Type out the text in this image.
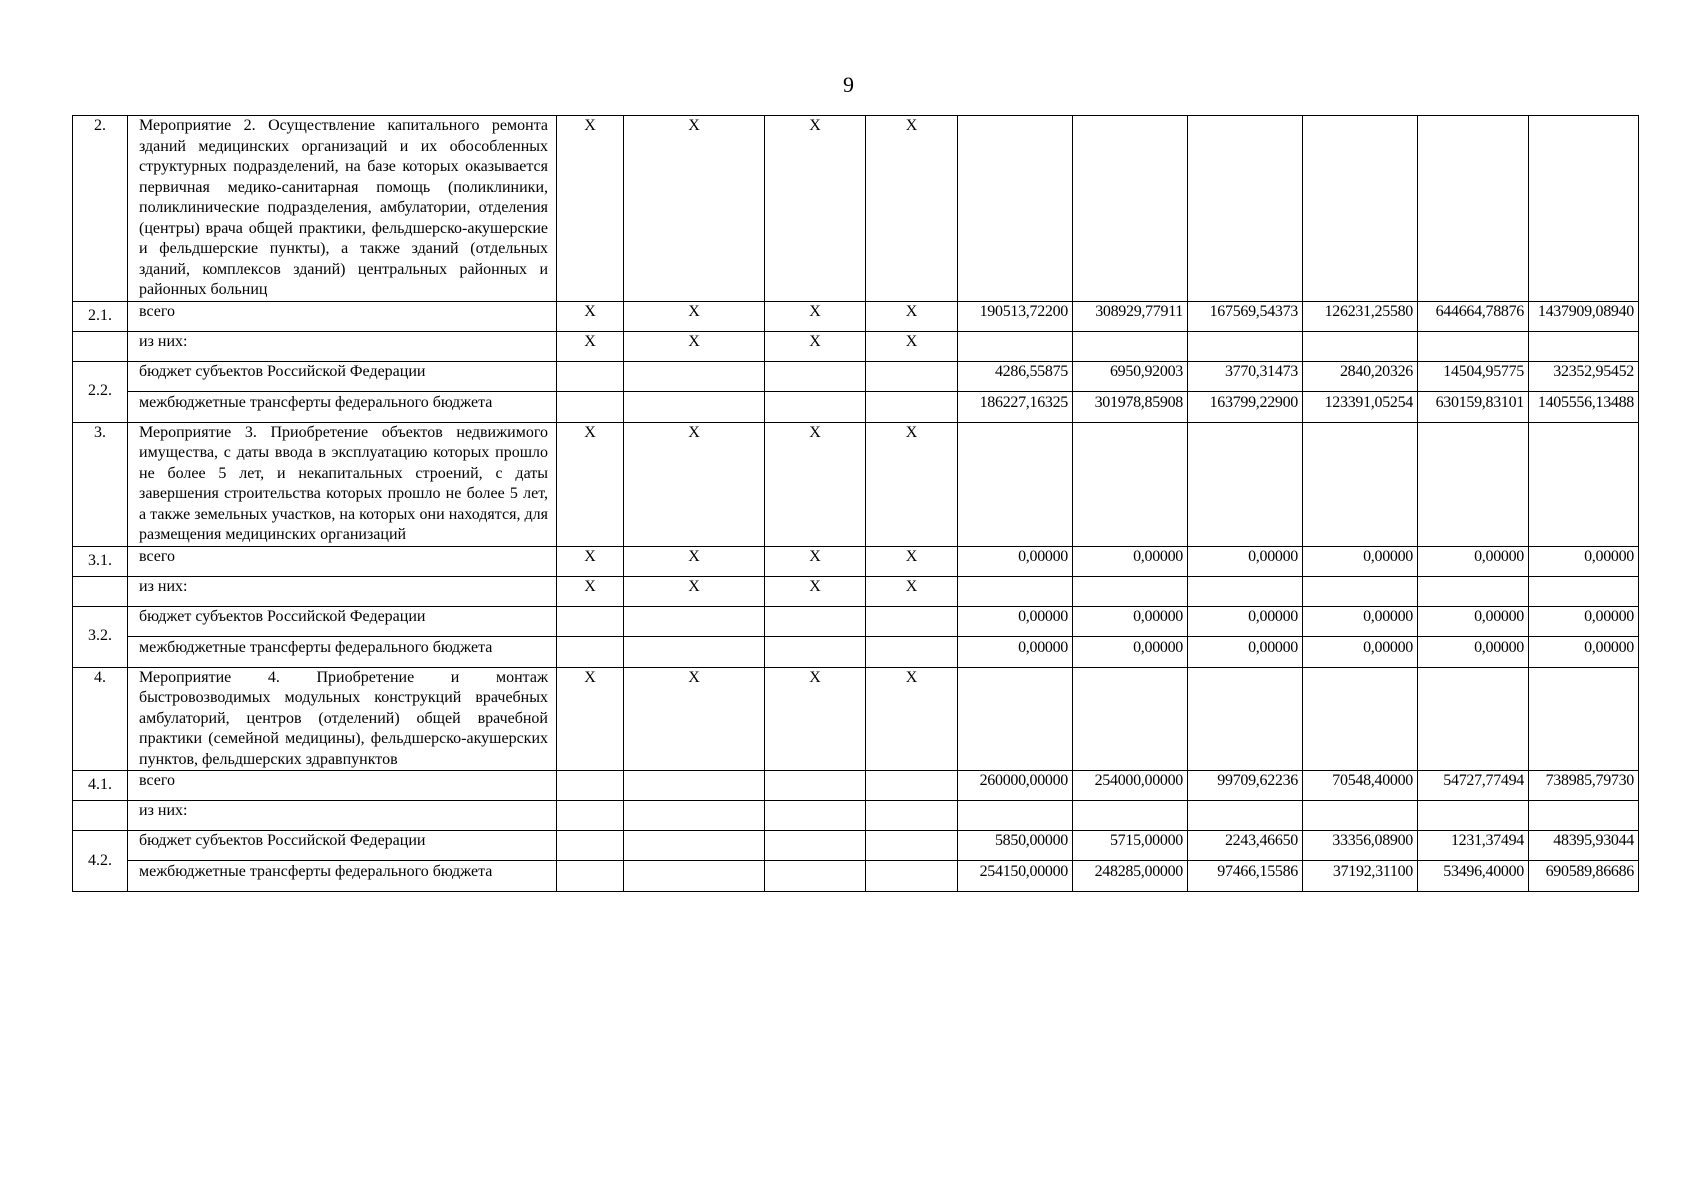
9
2.	Мероприятие 2. Осуществление капитального ремонта зданий медицинских организаций и их обособленных структурных подразделений, на базе которых оказывается первичная медико-санитарная помощь (поликлиники, поликлинические подразделения, амбулатории, отделения (центры) врача общей практики, фельдшерско-акушерские и фельдшерские пункты), а также зданий (отдельных зданий, комплексов зданий) центральных районных и районных больниц	X	X	X	X						
2.1.	всего	X	X	X	X	190513,72200	308929,77911	167569,54373	126231,25580	644664,78876	1437909,08940
	из них:	X	X	X	X						
2.2.	бюджет субъектов Российской Федерации					4286,55875	6950,92003	3770,31473	2840,20326	14504,95775	32352,95452
	межбюджетные трансферты федерального бюджета					186227,16325	301978,85908	163799,22900	123391,05254	630159,83101	1405556,13488
3.	Мероприятие 3. Приобретение объектов недвижимого имущества, с даты ввода в эксплуатацию которых прошло не более 5 лет, и некапитальных строений, с даты завершения строительства которых прошло не более 5 лет, а также земельных участков, на которых они находятся, для размещения медицинских организаций	X	X	X	X						
3.1.	всего	X	X	X	X	0,00000	0,00000	0,00000	0,00000	0,00000	0,00000
	из них:	X	X	X	X						
3.2.	бюджет субъектов Российской Федерации					0,00000	0,00000	0,00000	0,00000	0,00000	0,00000
	межбюджетные трансферты федерального бюджета					0,00000	0,00000	0,00000	0,00000	0,00000	0,00000
4.	Мероприятие 4. Приобретение и монтаж быстровозводимых модульных конструкций врачебных амбулаторий, центров (отделений) общей врачебной практики (семейной медицины), фельдшерско-акушерских пунктов, фельдшерских здравпунктов	X	X	X	X						
4.1.	всего					260000,00000	254000,00000	99709,62236	70548,40000	54727,77494	738985,79730
	из них:										
4.2.	бюджет субъектов Российской Федерации					5850,00000	5715,00000	2243,46650	33356,08900	1231,37494	48395,93044
	межбюджетные трансферты федерального бюджета					254150,00000	248285,00000	97466,15586	37192,31100	53496,40000	690589,86686
